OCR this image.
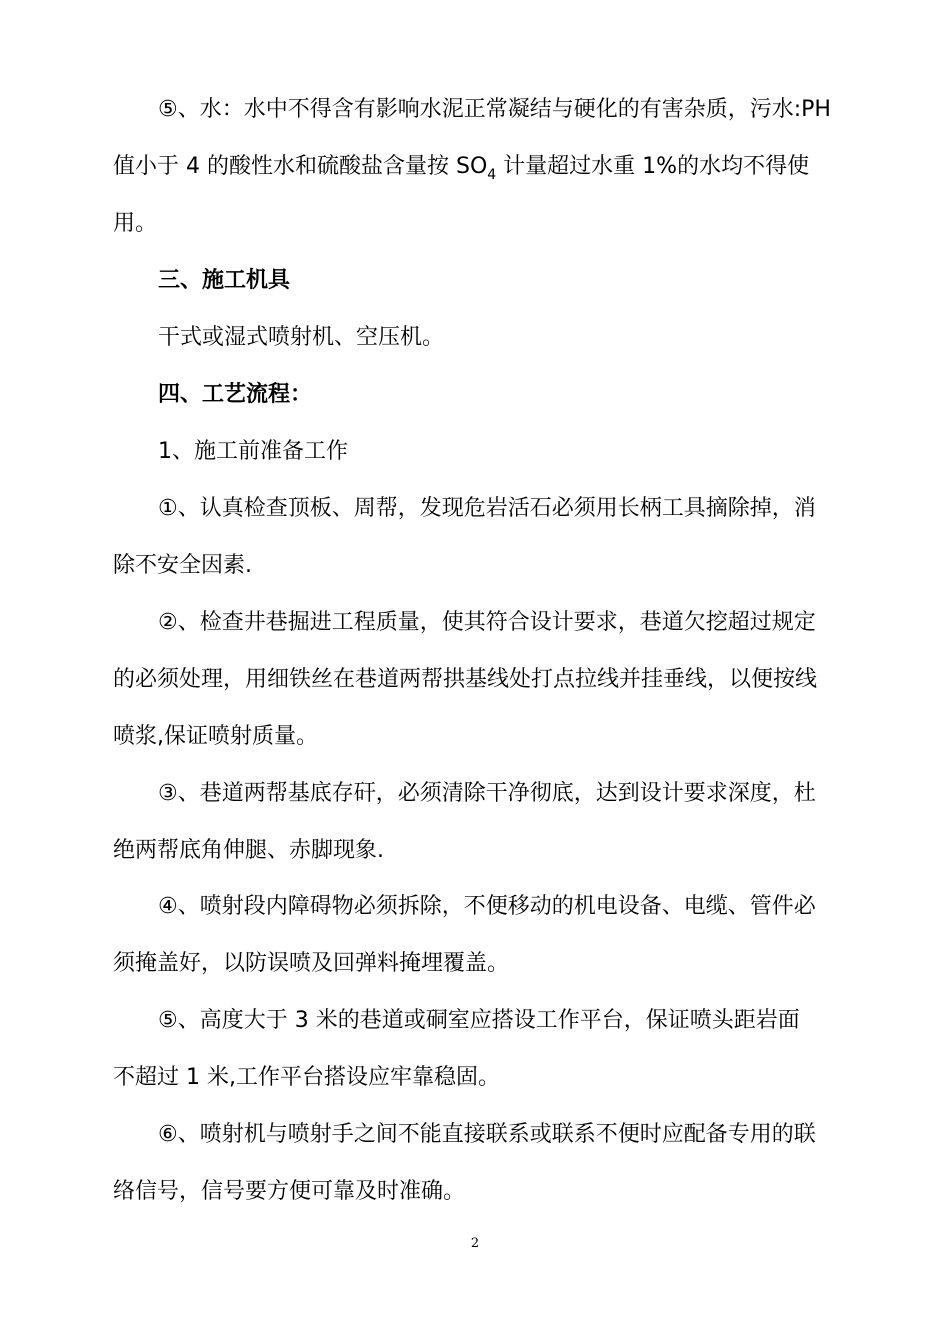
⑤、水：水中不得含有影响水泥正常凝结与硬化的有害杂质，污水:PH

值小于 4 的酸性水和硫酸盐含量按 $SO_4$ 计量超过水重 1%的水均不得使

用。

三、施工机具

干式或湿式喷射机、空压机。

四、工艺流程：

1、施工前准备工作

①、认真检查顶板、周帮，发现危岩活石必须用长柄工具摘除掉，消

除不安全因素.

②、检查井巷掘进工程质量，使其符合设计要求，巷道欠挖超过规定

的必须处理，用细铁丝在巷道两帮拱基线处打点拉线并挂垂线，以便按线

喷浆,保证喷射质量。

③、巷道两帮基底存矸，必须清除干净彻底，达到设计要求深度，杜

绝两帮底角伸腿、赤脚现象.

④、喷射段内障碍物必须拆除，不便移动的机电设备、电缆、管件必

须掩盖好，以防误喷及回弹料掩埋覆盖。

⑤、高度大于 3 米的巷道或硐室应搭设工作平台，保证喷头距岩面

不超过 1 米,工作平台搭设应牢靠稳固。

⑥、喷射机与喷射手之间不能直接联系或联系不便时应配备专用的联

络信号，信号要方便可靠及时准确。

2
